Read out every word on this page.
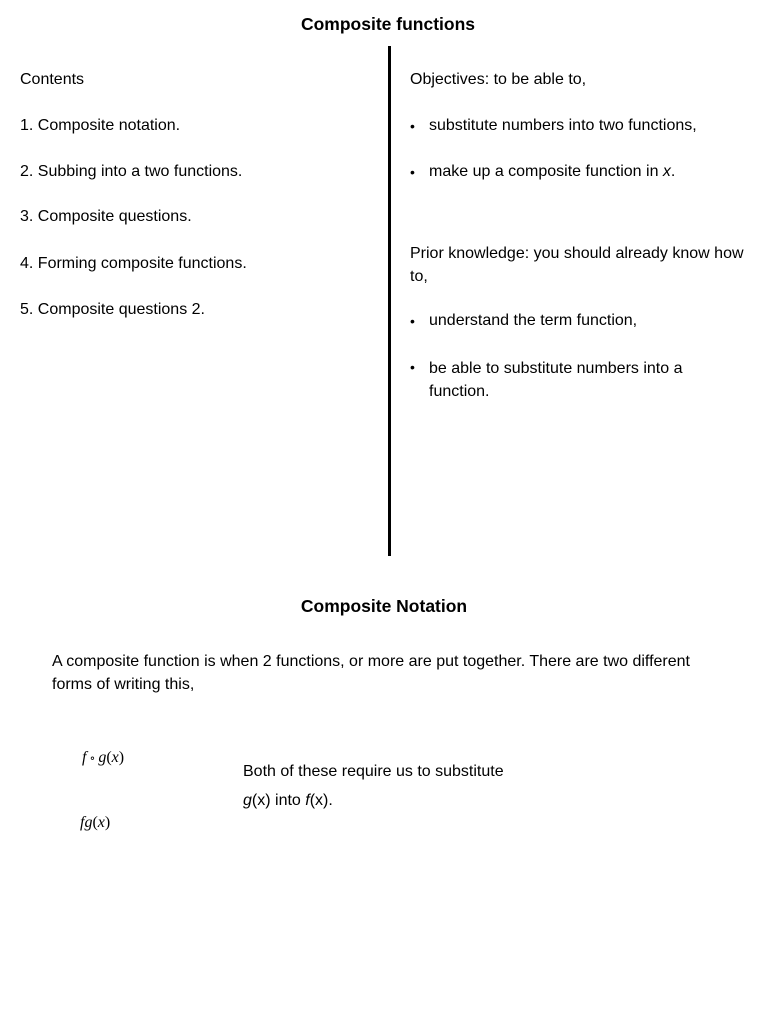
Composite functions
Contents
1. Composite notation.
2. Subbing into a two functions.
3. Composite questions.
4. Forming composite functions.
5. Composite questions 2.
Objectives: to be able to,
• substitute numbers into two functions,
• make up a composite function in x.
Prior knowledge: you should already know how to,
• understand the term function,
• be able to substitute numbers into a function.
Composite Notation
A composite function is when 2 functions, or more are put together. There are two different forms of writing this,
f ∘ g(x)
fg(x)
Both of these require us to substitute
g(x) into f(x).
